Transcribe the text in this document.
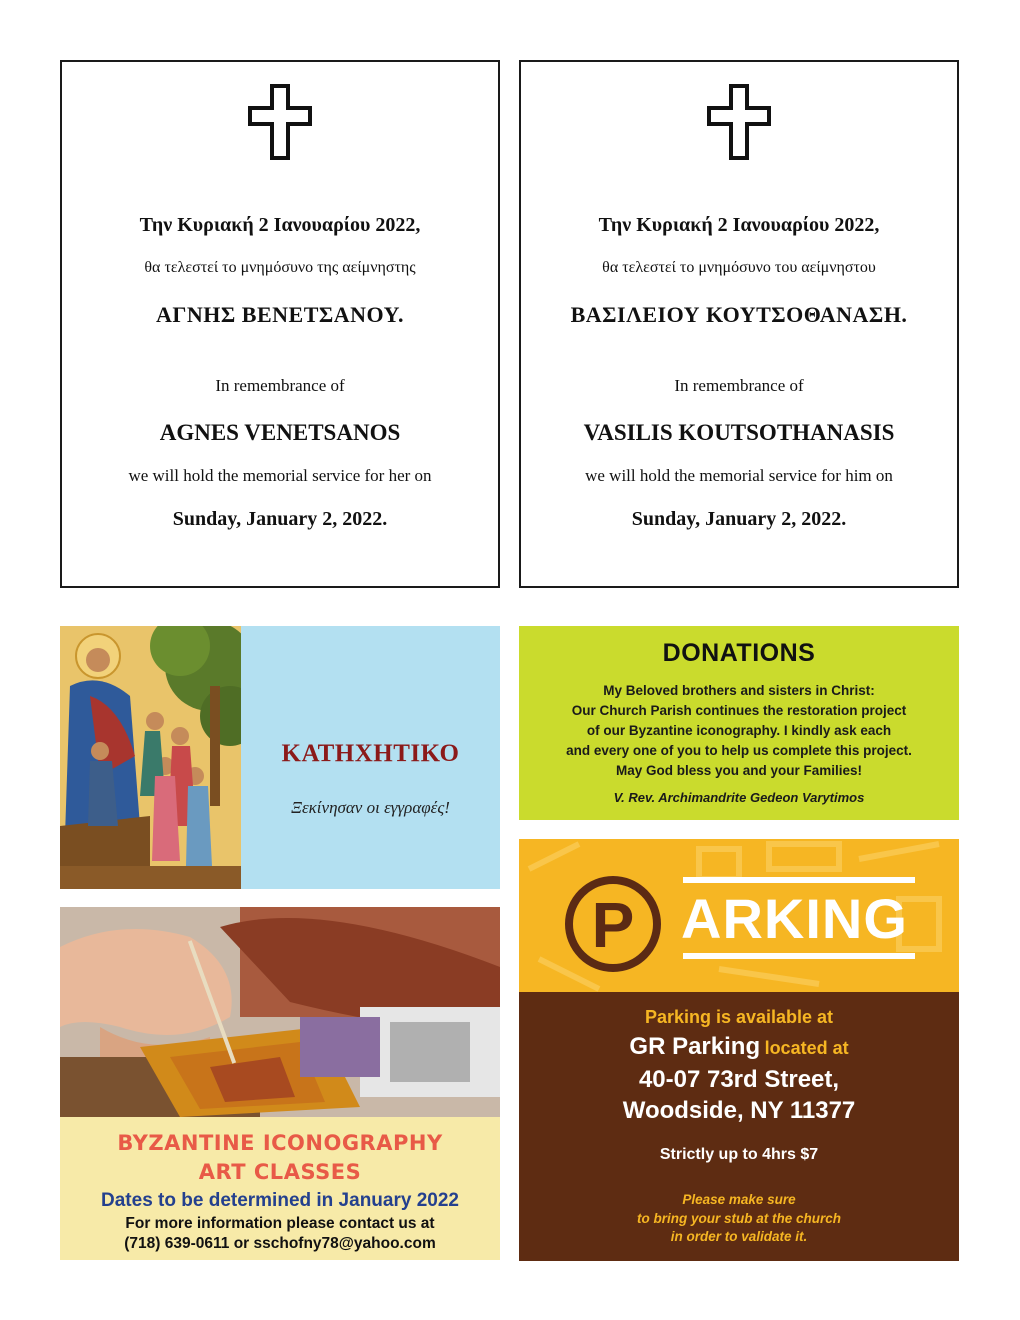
Την Κυριακή 2 Ιανουαρίου 2022,
θα τελεστεί το μνημόσυνο της αείμνηστης
ΑΓΝΗΣ ΒΕΝΕΤΣΑΝΟΥ.
In remembrance of
AGNES VENETSANOS
we will hold the memorial service for her on
Sunday, January 2, 2022.
Την Κυριακή 2 Ιανουαρίου 2022,
θα τελεστεί το μνημόσυνο του αείμνηστου
ΒΑΣΙΛΕΙΟΥ ΚΟΥΤΣΟΘΑΝΑΣΗ.
In remembrance of
VASILIS KOUTSOTHANASIS
we will hold the memorial service for him on
Sunday, January 2, 2022.
ΚΑΤΗΧΗΤΙΚΟ
Ξεκίνησαν οι εγγραφές!
BYZANTINE ICONOGRAPHY
ART CLASSES
Dates to be determined in January 2022
For more information please contact us at
(718) 639-0611 or sschofny78@yahoo.com
DONATIONS
My Beloved brothers and sisters in Christ:
Our Church Parish continues the restoration project
of our Byzantine iconography. I kindly ask each
and every one of you to help us complete this project.
May God bless you and your Families!
V. Rev. Archimandrite Gedeon Varytimos
P ARKING
Parking is available at
GR Parking located at
40-07 73rd Street,
Woodside, NY 11377
Strictly up to 4hrs $7
Please make sure
to bring your stub at the church
in order to validate it.
